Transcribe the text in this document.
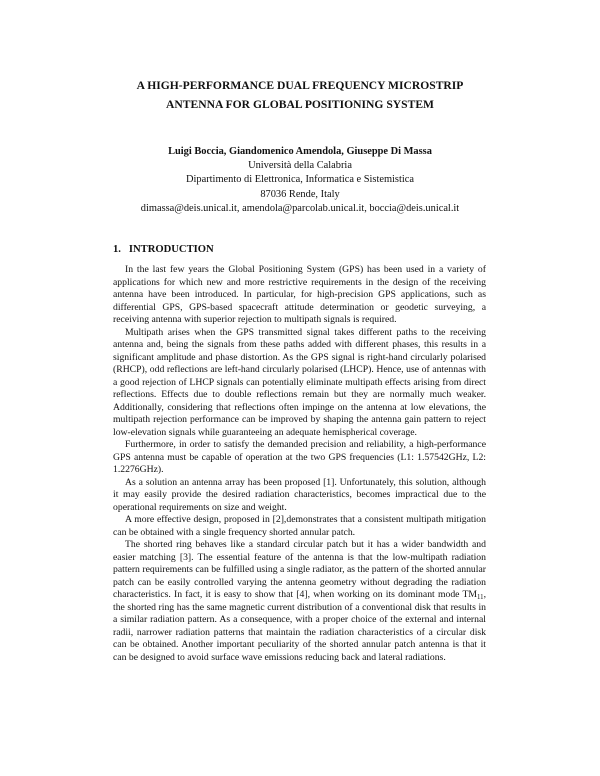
A HIGH-PERFORMANCE DUAL FREQUENCY MICROSTRIP
ANTENNA FOR GLOBAL POSITIONING SYSTEM
Luigi Boccia, Giandomenico Amendola, Giuseppe Di Massa
Università della Calabria
Dipartimento di Elettronica, Informatica e Sistemistica
87036 Rende, Italy
dimassa@deis.unical.it, amendola@parcolab.unical.it, boccia@deis.unical.it
1. INTRODUCTION

In the last few years the Global Positioning System (GPS) has been used in a variety of applications for which new and more restrictive requirements in the design of the receiving antenna have been introduced. In particular, for high-precision GPS applications, such as differential GPS, GPS-based spacecraft attitude determination or geodetic surveying, a receiving antenna with superior rejection to multipath signals is required.

Multipath arises when the GPS transmitted signal takes different paths to the receiving antenna and, being the signals from these paths added with different phases, this results in a significant amplitude and phase distortion. As the GPS signal is right-hand circularly polarised (RHCP), odd reflections are left-hand circularly polarised (LHCP). Hence, use of antennas with a good rejection of LHCP signals can potentially eliminate multipath effects arising from direct reflections. Effects due to double reflections remain but they are normally much weaker. Additionally, considering that reflections often impinge on the antenna at low elevations, the multipath rejection performance can be improved by shaping the antenna gain pattern to reject low-elevation signals while guaranteeing an adequate hemispherical coverage.

Furthermore, in order to satisfy the demanded precision and reliability, a high-performance GPS antenna must be capable of operation at the two GPS frequencies (L1: 1.57542GHz, L2: 1.2276GHz).

As a solution an antenna array has been proposed [1]. Unfortunately, this solution, although it may easily provide the desired radiation characteristics, becomes impractical due to the operational requirements on size and weight.

A more effective design, proposed in [2],demonstrates that a consistent multipath mitigation can be obtained with a single frequency shorted annular patch.

The shorted ring behaves like a standard circular patch but it has a wider bandwidth and easier matching [3]. The essential feature of the antenna is that the low-multipath radiation pattern requirements can be fulfilled using a single radiator, as the pattern of the shorted annular patch can be easily controlled varying the antenna geometry without degrading the radiation characteristics. In fact, it is easy to show that [4], when working on its dominant mode $TM_{11}$, the shorted ring has the same magnetic current distribution of a conventional disk that results in a similar radiation pattern. As a consequence, with a proper choice of the external and internal radii, narrower radiation patterns that maintain the radiation characteristics of a circular disk can be obtained. Another important peculiarity of the shorted annular patch antenna is that it can be designed to avoid surface wave emissions reducing back and lateral radiations.
